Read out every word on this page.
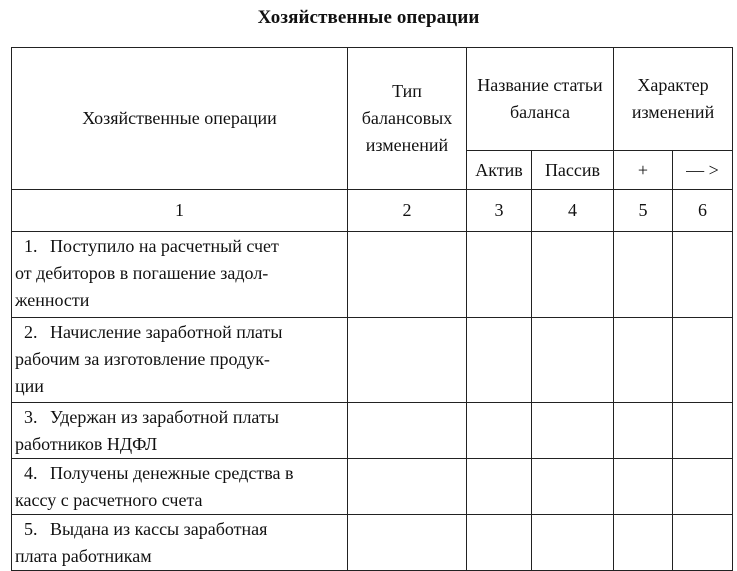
Хозяйственные операции
Хозяйственные операции	Тип балансовых изменений	Название статьи баланса		Характер изменений	
		Актив	Пассив	+	— >
1	2	3	4	5	6
1. Поступило на расчетный счет
от дебиторов в погашение задол-
женности					
2. Начисление заработной платы
рабочим за изготовление продук-
ции					
3. Удержан из заработной платы
работников НДФЛ					
4. Получены денежные средства в
кассу с расчетного счета					
5. Выдана из кассы заработная
плата работникам					
